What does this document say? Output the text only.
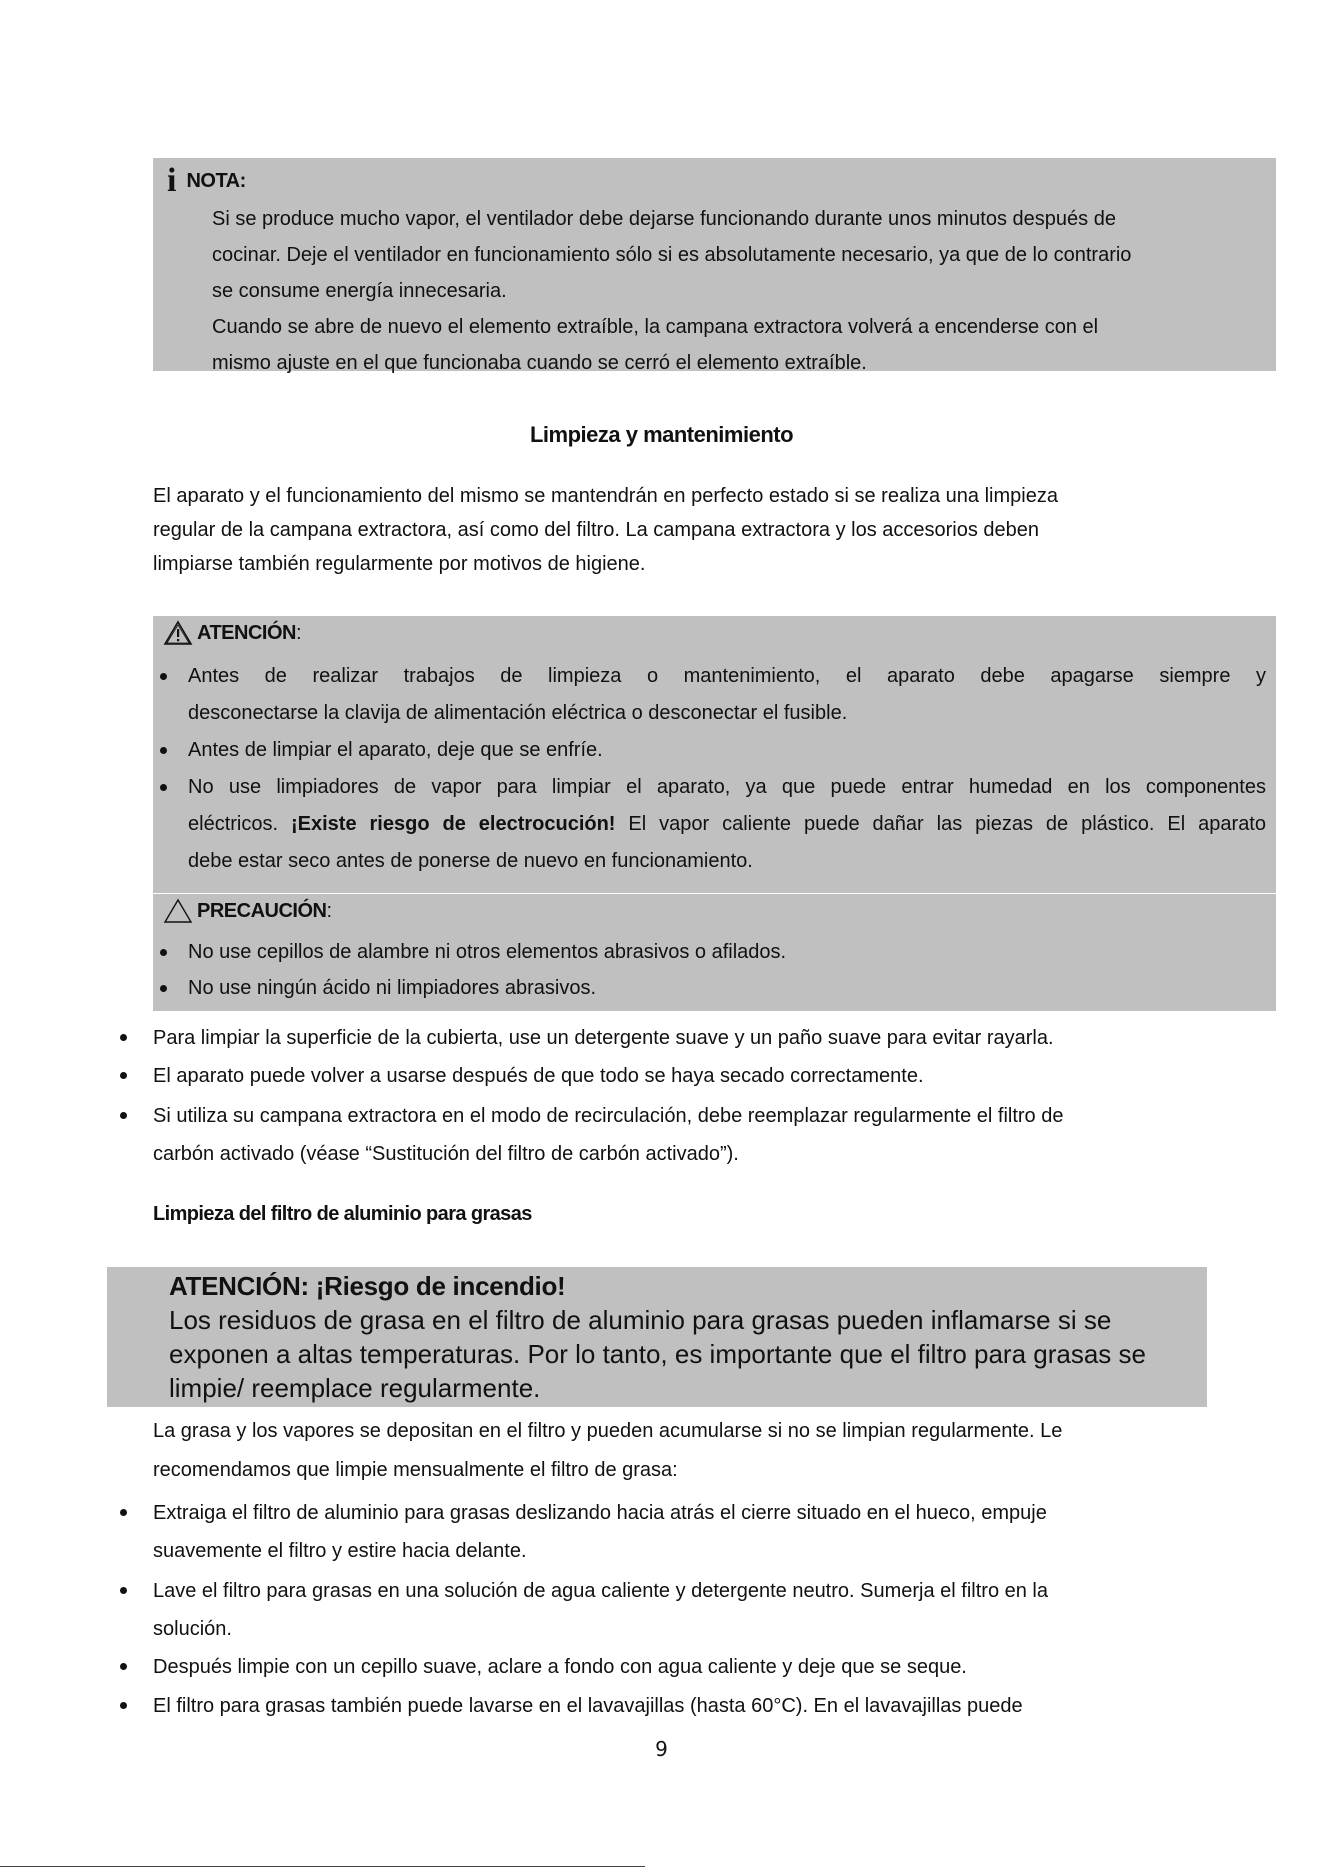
i NOTA:
Si se produce mucho vapor, el ventilador debe dejarse funcionando durante unos minutos después de
cocinar. Deje el ventilador en funcionamiento sólo si es absolutamente necesario, ya que de lo contrario
se consume energía innecesaria.
Cuando se abre de nuevo el elemento extraíble, la campana extractora volverá a encenderse con el
mismo ajuste en el que funcionaba cuando se cerró el elemento extraíble.
Limpieza y mantenimiento
El aparato y el funcionamiento del mismo se mantendrán en perfecto estado si se realiza una limpieza
regular de la campana extractora, así como del filtro. La campana extractora y los accesorios deben
limpiarse también regularmente por motivos de higiene.
ATENCIÓN :
Antes de realizar trabajos de limpieza o mantenimiento, el aparato debe apagarse siempre y
desconectarse la clavija de alimentación eléctrica o desconectar el fusible.
Antes de limpiar el aparato, deje que se enfríe.
No use limpiadores de vapor para limpiar el aparato, ya que puede entrar humedad en los componentes
eléctricos. ¡Existe riesgo de electrocución! El vapor caliente puede dañar las piezas de plástico. El aparato
debe estar seco antes de ponerse de nuevo en funcionamiento.
PRECAUCIÓN :
No use cepillos de alambre ni otros elementos abrasivos o afilados.
No use ningún ácido ni limpiadores abrasivos.
Para limpiar la superficie de la cubierta, use un detergente suave y un paño suave para evitar rayarla.
El aparato puede volver a usarse después de que todo se haya secado correctamente.
Si utiliza su campana extractora en el modo de recirculación, debe reemplazar regularmente el filtro de
carbón activado (véase “Sustitución del filtro de carbón activado”).
Limpieza del filtro de aluminio para grasas
ATENCIÓN: ¡Riesgo de incendio!
Los residuos de grasa en el filtro de aluminio para grasas pueden inflamarse si se
exponen a altas temperaturas. Por lo tanto, es importante que el filtro para grasas se
limpie/ reemplace regularmente.
La grasa y los vapores se depositan en el filtro y pueden acumularse si no se limpian regularmente. Le
recomendamos que limpie mensualmente el filtro de grasa:
Extraiga el filtro de aluminio para grasas deslizando hacia atrás el cierre situado en el hueco, empuje
suavemente el filtro y estire hacia delante.
Lave el filtro para grasas en una solución de agua caliente y detergente neutro. Sumerja el filtro en la
solución.
Después limpie con un cepillo suave, aclare a fondo con agua caliente y deje que se seque.
El filtro para grasas también puede lavarse en el lavavajillas (hasta 60°C). En el lavavajillas puede
9
